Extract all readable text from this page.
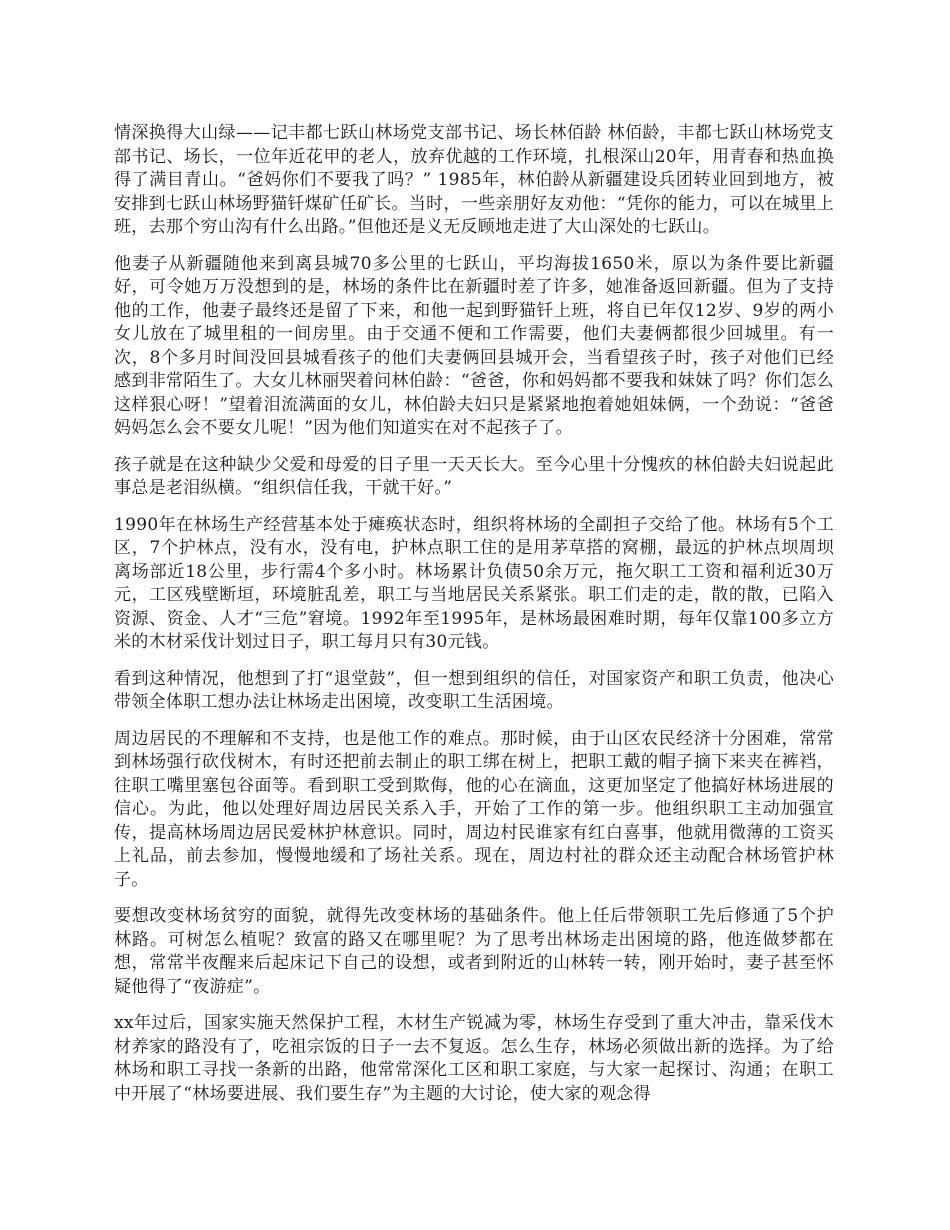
情深换得大山绿——记丰都七跃山林场党支部书记、场长林佰龄 林佰龄，丰都七跃山林场党支部书记、场长，一位年近花甲的老人，放弃优越的工作环境，扎根深山20年，用青春和热血换得了满目青山。“爸妈你们不要我了吗？” 1985年，林伯龄从新疆建设兵团转业回到地方，被安排到七跃山林场野猫钎煤矿任矿长。当时，一些亲朋好友劝他：“凭你的能力，可以在城里上班，去那个穷山沟有什么出路。”但他还是义无反顾地走进了大山深处的七跃山。

他妻子从新疆随他来到离县城70多公里的七跃山，平均海拔1650米，原以为条件要比新疆好，可令她万万没想到的是，林场的条件比在新疆时差了许多，她准备返回新疆。但为了支持他的工作，他妻子最终还是留了下来，和他一起到野猫钎上班，将自已年仅12岁、9岁的两小女儿放在了城里租的一间房里。由于交通不便和工作需要，他们夫妻俩都很少回城里。有一次，8个多月时间没回县城看孩子的他们夫妻俩回县城开会，当看望孩子时，孩子对他们已经感到非常陌生了。大女儿林丽哭着问林伯龄：“爸爸，你和妈妈都不要我和妹妹了吗？你们怎么这样狠心呀！”望着泪流满面的女儿，林伯龄夫妇只是紧紧地抱着她姐妹俩，一个劲说：“爸爸妈妈怎么会不要女儿呢！”因为他们知道实在对不起孩子了。

孩子就是在这种缺少父爱和母爱的日子里一天天长大。至今心里十分愧疚的林伯龄夫妇说起此事总是老泪纵横。“组织信任我，干就干好。”

1990年在林场生产经营基本处于瘫痪状态时，组织将林场的全副担子交给了他。林场有5个工区，7个护林点，没有水，没有电，护林点职工住的是用茅草搭的窝棚，最远的护林点坝周坝离场部近18公里，步行需4个多小时。林场累计负债50余万元，拖欠职工工资和福利近30万元，工区残壁断垣，环境脏乱差，职工与当地居民关系紧张。职工们走的走，散的散，已陷入资源、资金、人才“三危”窘境。1992年至1995年，是林场最困难时期，每年仅靠100多立方米的木材采伐计划过日子，职工每月只有30元钱。

看到这种情况，他想到了打“退堂鼓”，但一想到组织的信任，对国家资产和职工负责，他决心带领全体职工想办法让林场走出困境，改变职工生活困境。

周边居民的不理解和不支持，也是他工作的难点。那时候，由于山区农民经济十分困难，常常到林场强行砍伐树木，有时还把前去制止的职工绑在树上，把职工戴的帽子摘下来夹在裤裆，往职工嘴里塞包谷面等。看到职工受到欺侮，他的心在滴血，这更加坚定了他搞好林场进展的信心。为此，他以处理好周边居民关系入手，开始了工作的第一步。他组织职工主动加强宣传，提高林场周边居民爱林护林意识。同时，周边村民谁家有红白喜事，他就用微薄的工资买上礼品，前去参加，慢慢地缓和了场社关系。现在，周边村社的群众还主动配合林场管护林子。

要想改变林场贫穷的面貌，就得先改变林场的基础条件。他上任后带领职工先后修通了5个护林路。可树怎么植呢？致富的路又在哪里呢？为了思考出林场走出困境的路，他连做梦都在想，常常半夜醒来后起床记下自己的设想，或者到附近的山林转一转，刚开始时，妻子甚至怀疑他得了“夜游症”。

xx年过后，国家实施天然保护工程，木材生产锐减为零，林场生存受到了重大冲击，靠采伐木材养家的路没有了，吃祖宗饭的日子一去不复返。怎么生存，林场必须做出新的选择。为了给林场和职工寻找一条新的出路，他常常深化工区和职工家庭，与大家一起探讨、沟通；在职工中开展了“林场要进展、我们要生存”为主题的大讨论，使大家的观念得
